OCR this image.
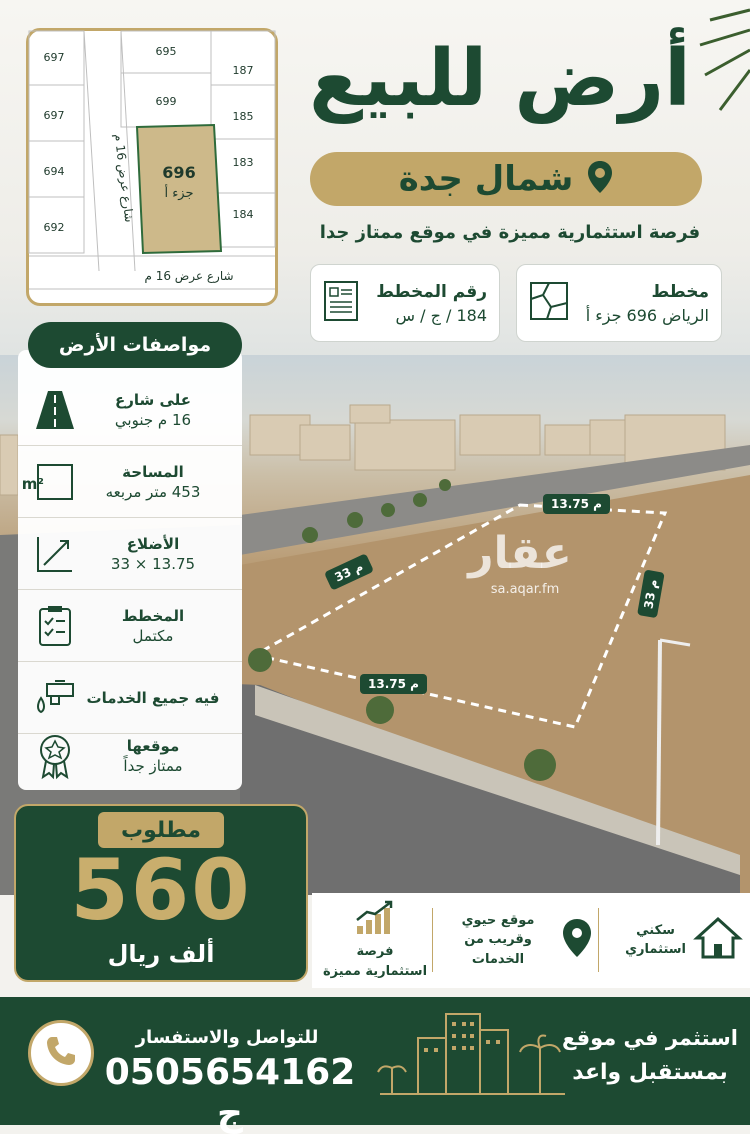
عقار
sa.aqar.fm
13.75 م
13.75 م
33 م
33 م
أرض للبيع
شمال جدة
فرصة استثمارية مميزة في موقع ممتاز جدا
مخطط
الرياض 696 جزء أ
رقم المخطط
184 / ج / س
697
697
694
692
695
699
187
185
183
184
696
جزء أ
شارع عرض 16 م
شارع عرض 16 م
مواصفات الأرض
على شارع
16 م جنوبي
المساحة
453 متر مربعه
m²
الأضلاع
33 × 13.75
المخطط
مكتمل
فيه جميع الخدمات
موقعها
ممتاز جداً
مطلوب
560
ألف ريال
سكني
استثماري
موقع حيوي
وقريب من الخدمات
فرصة
استثمارية مميزة
للتواصل والاستفسار
0505654162 ج
استثمر في موقع
بمستقبل واعد
